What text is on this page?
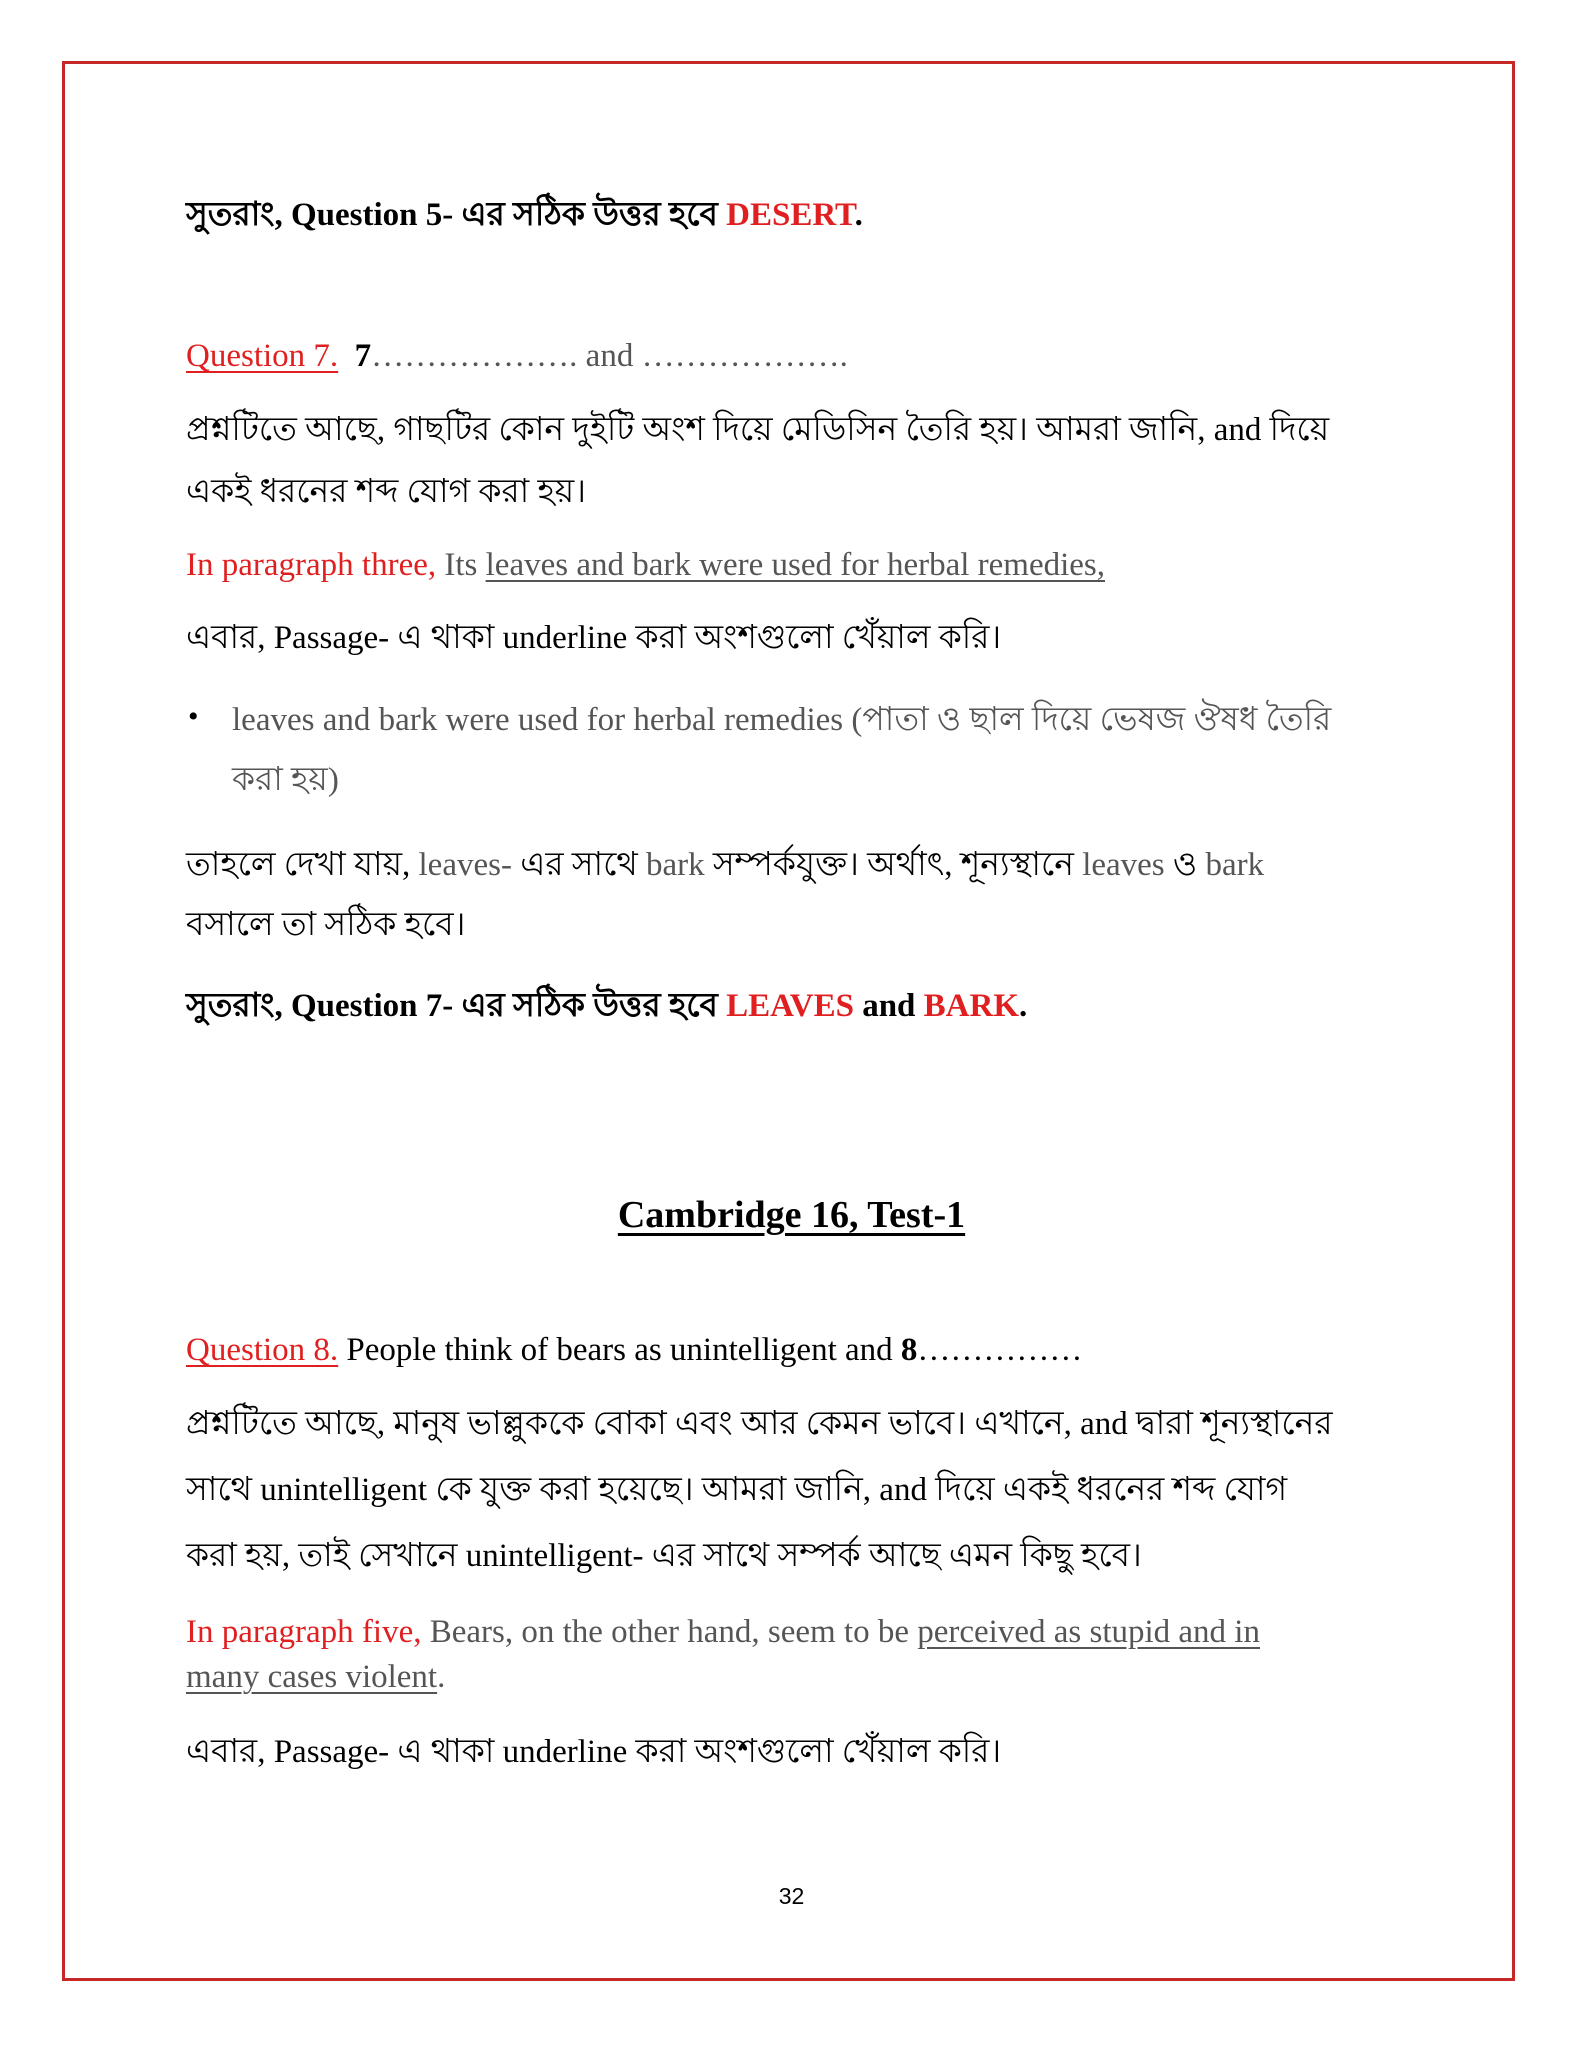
সুতরাং, Question 5- এর সঠিক উত্তর হবে DESERT.
Question 7. 7………………. and ……………….
প্রশ্নটিতে আছে, গাছটির কোন দুইটি অংশ দিয়ে মেডিসিন তৈরি হয়। আমরা জানি, and দিয়ে
একই ধরনের শব্দ যোগ করা হয়।
In paragraph three, Its leaves and bark were used for herbal remedies,
এবার, Passage- এ থাকা underline করা অংশগুলো খেঁয়াল করি।
• leaves and bark were used for herbal remedies (পাতা ও ছাল দিয়ে ভেষজ ঔষধ তৈরি
করা হয়)
তাহলে দেখা যায়, leaves- এর সাথে bark সম্পর্কযুক্ত। অর্থাৎ, শূন্যস্থানে leaves ও bark
বসালে তা সঠিক হবে।
সুতরাং, Question 7- এর সঠিক উত্তর হবে LEAVES and BARK.
Cambridge 16, Test-1
Question 8. People think of bears as unintelligent and 8……………
প্রশ্নটিতে আছে, মানুষ ভাল্লুককে বোকা এবং আর কেমন ভাবে। এখানে, and দ্বারা শূন্যস্থানের
সাথে unintelligent কে যুক্ত করা হয়েছে। আমরা জানি, and দিয়ে একই ধরনের শব্দ যোগ
করা হয়, তাই সেখানে unintelligent- এর সাথে সম্পর্ক আছে এমন কিছু হবে।
In paragraph five, Bears, on the other hand, seem to be perceived as stupid and in
many cases violent.
এবার, Passage- এ থাকা underline করা অংশগুলো খেঁয়াল করি।
32
